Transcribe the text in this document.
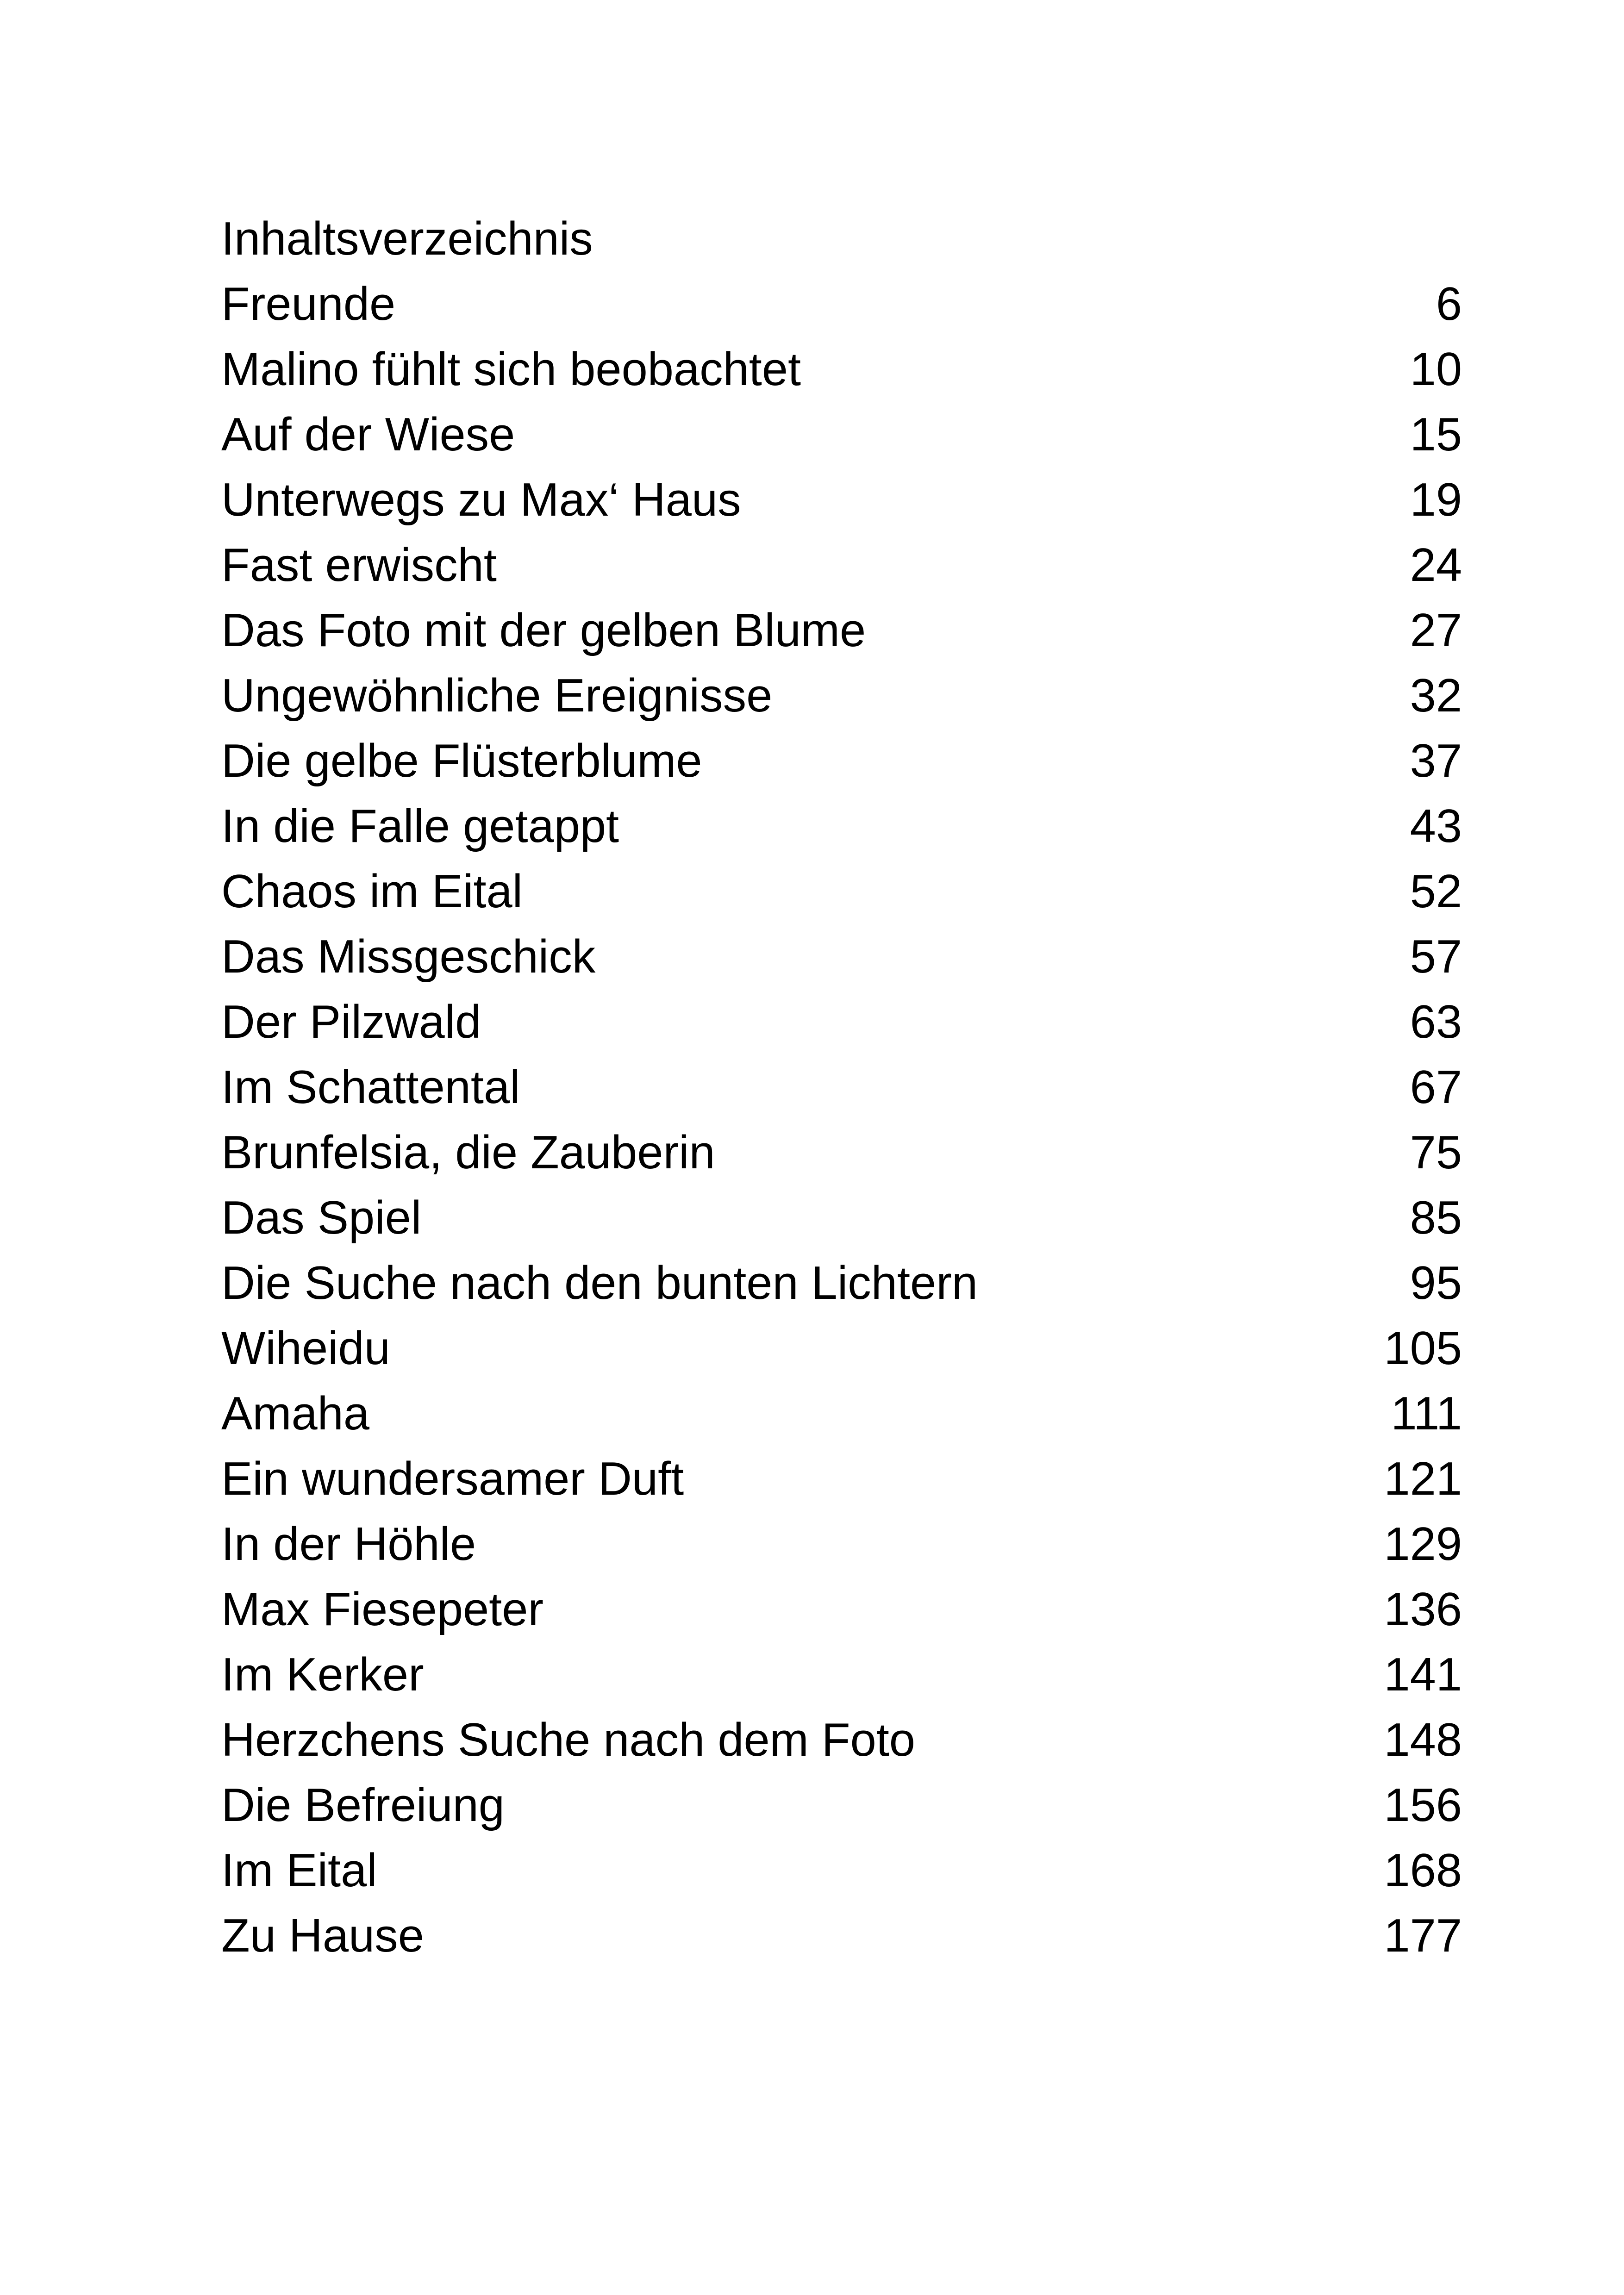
Inhaltsverzeichnis
Freunde	6
Malino fühlt sich beobachtet	10
Auf der Wiese	15
Unterwegs zu Max‘ Haus	19
Fast erwischt	24
Das Foto mit der gelben Blume	27
Ungewöhnliche Ereignisse	32
Die gelbe Flüsterblume	37
In die Falle getappt	43
Chaos im Eital	52
Das Missgeschick	57
Der Pilzwald	63
Im Schattental	67
Brunfelsia, die Zauberin	75
Das Spiel	85
Die Suche nach den bunten Lichtern	95
Wiheidu	105
Amaha	111
Ein wundersamer Duft	121
In der Höhle	129
Max Fiesepeter	136
Im Kerker	141
Herzchens Suche nach dem Foto	148
Die Befreiung	156
Im Eital	168
Zu Hause	177
